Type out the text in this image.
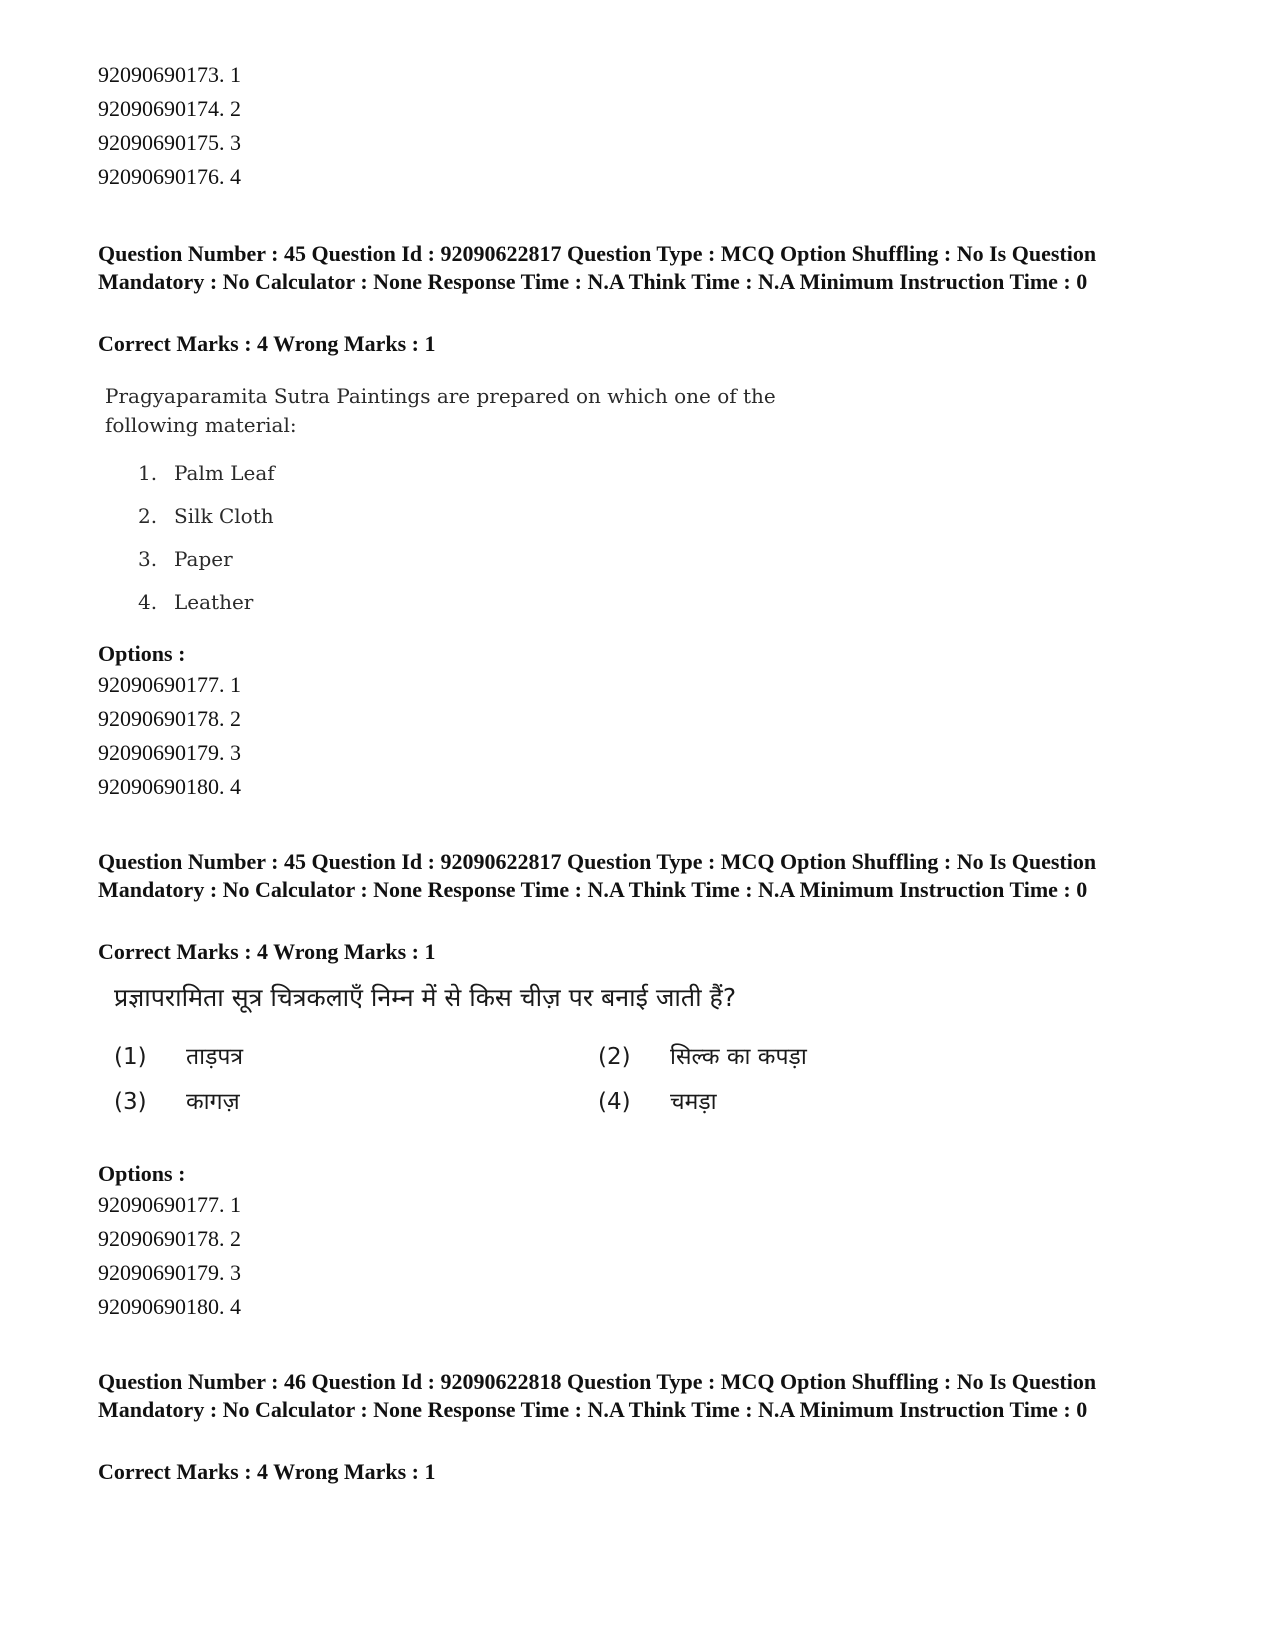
92090690173. 1
92090690174. 2
92090690175. 3
92090690176. 4
Question Number : 45 Question Id : 92090622817 Question Type : MCQ Option Shuffling : No Is Question Mandatory : No Calculator : None Response Time : N.A Think Time : N.A Minimum Instruction Time : 0
Correct Marks : 4 Wrong Marks : 1
Pragyaparamita Sutra Paintings are prepared on which one of the following material:
1. Palm Leaf
2. Silk Cloth
3. Paper
4. Leather
Options :
92090690177. 1
92090690178. 2
92090690179. 3
92090690180. 4
Question Number : 45 Question Id : 92090622817 Question Type : MCQ Option Shuffling : No Is Question Mandatory : No Calculator : None Response Time : N.A Think Time : N.A Minimum Instruction Time : 0
Correct Marks : 4 Wrong Marks : 1
प्रज्ञापरामिता सूत्र चित्रकलाएँ निम्न में से किस चीज़ पर बनाई जाती हैं?
(1) ताड़पत्र	(2) सिल्क का कपड़ा
(3) कागज़	(4) चमड़ा
Options :
92090690177. 1
92090690178. 2
92090690179. 3
92090690180. 4
Question Number : 46 Question Id : 92090622818 Question Type : MCQ Option Shuffling : No Is Question Mandatory : No Calculator : None Response Time : N.A Think Time : N.A Minimum Instruction Time : 0
Correct Marks : 4 Wrong Marks : 1
